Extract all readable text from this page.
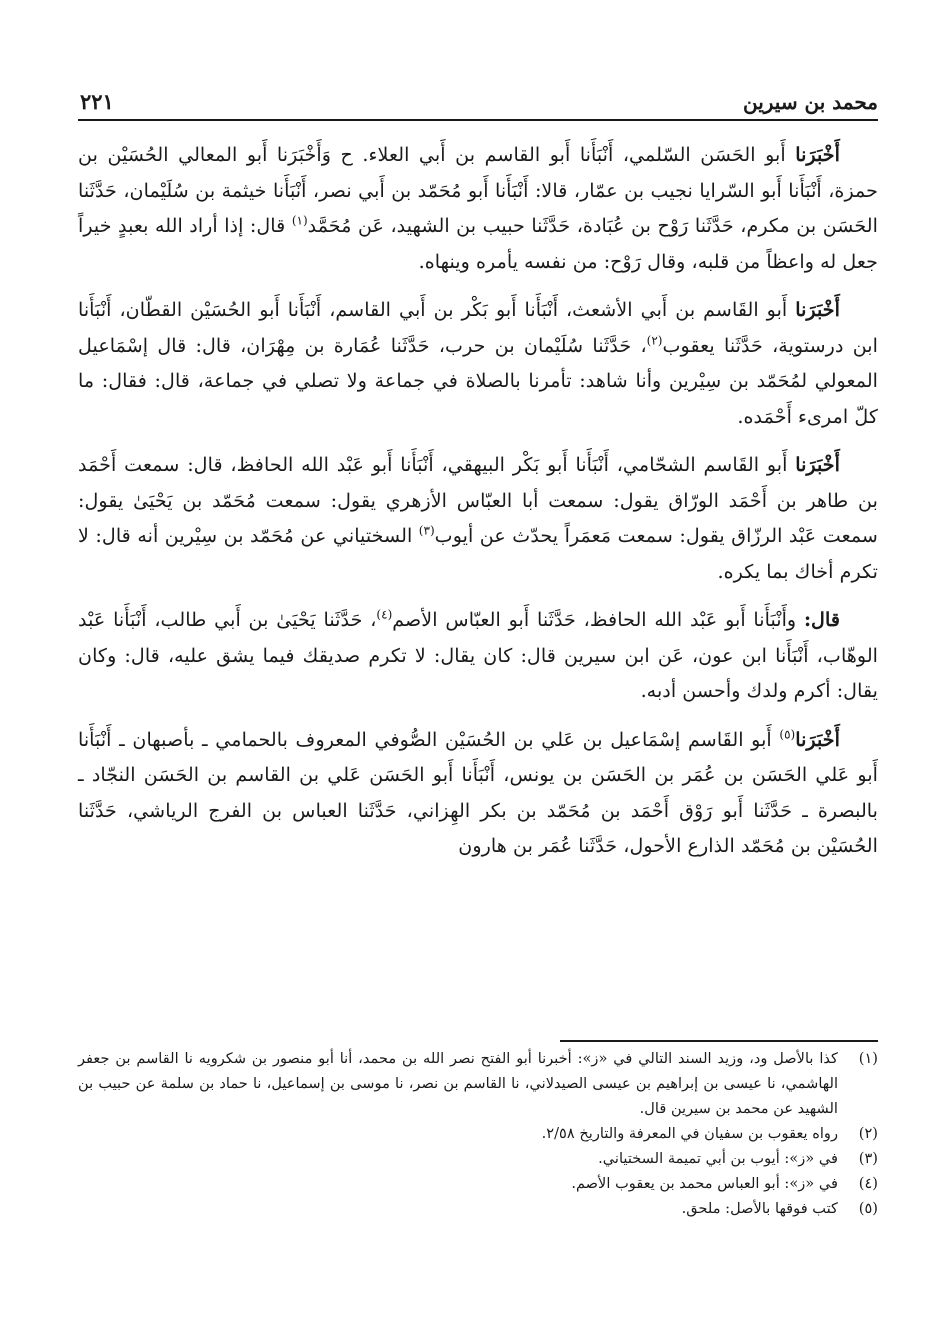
محمد بن سيرين
٢٢١

أَخْبَرَنا أَبو الحَسَن السّلمي، أَنْبَأَنا أَبو القاسم بن أَبي العلاء. ح وَأَخْبَرَنا أَبو المعالي الحُسَيْن بن حمزة، أَنْبَأَنا أَبو السّرايا نجيب بن عمّار، قالا: أَنْبَأَنا أَبو مُحَمّد بن أَبي نصر، أَنْبَأَنا خيثمة بن سُلَيْمان، حَدَّثَنا الحَسَن بن مكرم، حَدَّثَنا رَوْح بن عُبَادة، حَدَّثَنا حبيب بن الشهيد، عَن مُحَمَّد$^{(١)}$ قال: إذا أراد الله بعبدٍ خيراً جعل له واعظاً من قلبه، وقال رَوْح: من نفسه يأمره وينهاه.

أَخْبَرَنا أَبو القَاسم بن أَبي الأشعث، أَنْبَأَنا أَبو بَكْر بن أَبي القاسم، أَنْبَأَنا أَبو الحُسَيْن القطّان، أَنْبَأَنا ابن درستوية، حَدَّثَنا يعقوب$^{(٢)}$، حَدَّثَنا سُلَيْمان بن حرب، حَدَّثَنا عُمَارة بن مِهْرَان، قال: قال إسْمَاعيل المعولي لمُحَمّد بن سِيْرين وأنا شاهد: تأمرنا بالصلاة في جماعة ولا تصلي في جماعة، قال: فقال: ما كلّ امرىء أَحْمَده.

أَخْبَرَنا أَبو القَاسم الشحّامي، أَنْبَأَنا أَبو بَكْر البيهقي، أَنْبَأَنا أَبو عَبْد الله الحافظ، قال: سمعت أَحْمَد بن طاهر بن أَحْمَد الورّاق يقول: سمعت أبا العبّاس الأزهري يقول: سمعت مُحَمّد بن يَحْيَىٰ يقول: سمعت عَبْد الرزّاق يقول: سمعت مَعمَراً يحدّث عن أيوب$^{(٣)}$ السختياني عن مُحَمّد بن سِيْرين أنه قال: لا تكرم أخاك بما يكره.

قال: وأَنْبَأَنا أَبو عَبْد الله الحافظ، حَدَّثَنا أَبو العبّاس الأصم$^{(٤)}$، حَدَّثَنا يَحْيَىٰ بن أَبي طالب، أَنْبَأَنا عَبْد الوهّاب، أَنْبَأَنا ابن عون، عَن ابن سيرين قال: كان يقال: لا تكرم صديقك فيما يشق عليه، قال: وكان يقال: أكرم ولدك وأحسن أدبه.

أَخْبَرَنا$^{(٥)}$ أَبو القَاسم إسْمَاعيل بن عَلي بن الحُسَيْن الصُّوفي المعروف بالحمامي ـ بأصبهان ـ أَنْبَأَنا أَبو عَلي الحَسَن بن عُمَر بن الحَسَن بن يونس، أَنْبَأَنا أَبو الحَسَن عَلي بن القاسم بن الحَسَن النجّاد ـ بالبصرة ـ حَدَّثَنا أَبو رَوْق أَحْمَد بن مُحَمّد بن بكر الهِزاني، حَدَّثَنا العباس بن الفرج الرياشي، حَدَّثَنا الحُسَيْن بن مُحَمّد الذارع الأحول، حَدَّثَنا عُمَر بن هارون

(١)
كذا بالأصل ود، وزيد السند التالي في «ز»: أخبرنا أبو الفتح نصر الله بن محمد، أنا أبو منصور بن شكرويه نا القاسم بن جعفر الهاشمي، نا عيسى بن إبراهيم بن عيسى الصيدلاني، نا القاسم بن نصر، نا موسى بن إسماعيل، نا حماد بن سلمة عن حبيب بن الشهيد عن محمد بن سيرين قال.
(٢)
رواه يعقوب بن سفيان في المعرفة والتاريخ ٢/٥٨.
(٣)
في «ز»: أيوب بن أبي تميمة السختياني.
(٤)
في «ز»: أبو العباس محمد بن يعقوب الأصم.
(٥)
كتب فوقها بالأصل: ملحق.
